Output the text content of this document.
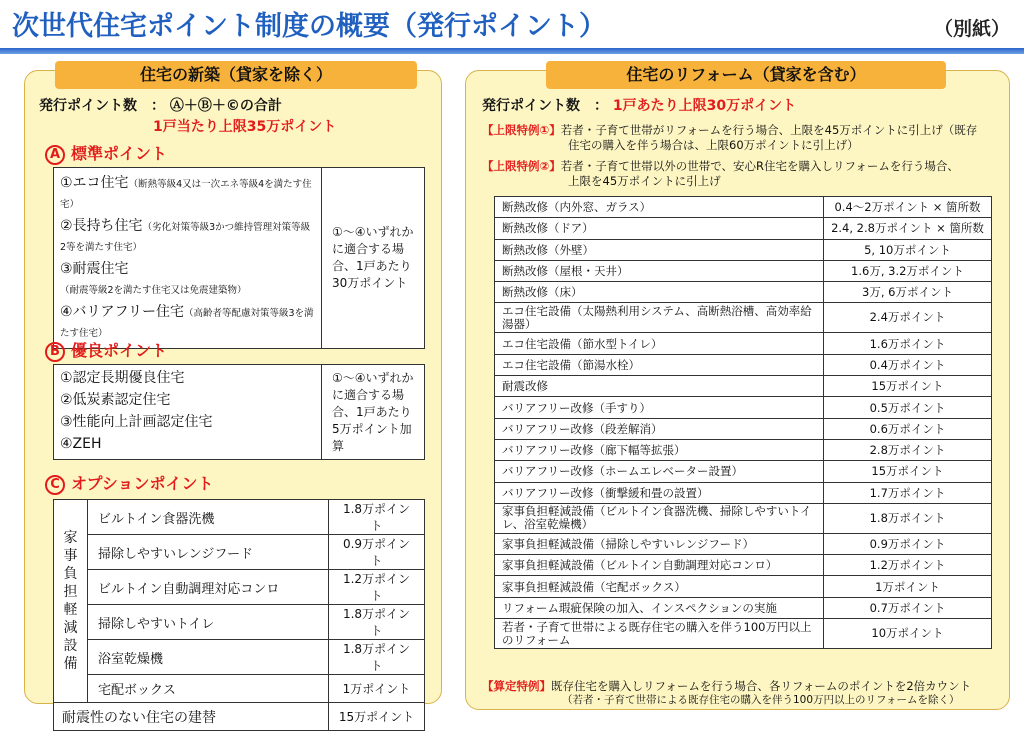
次世代住宅ポイント制度の概要（発行ポイント）	（別紙）
住宅の新築（貸家を除く）
発行ポイント数　： Ⓐ＋Ⓑ＋©の合計
1戸当たり上限35万ポイント
A 標準ポイント
①エコ住宅（断熱等級4又は一次エネ等級4を満たす住宅）
②長持ち住宅（劣化対策等級3かつ維持管理対策等級2等を満たす住宅）
③耐震住宅（耐震等級2を満たす住宅又は免震建築物）
④バリアフリー住宅（高齢者等配慮対策等級3を満たす住宅）
	①～④いずれかに適合する場合、1戸あたり30万ポイント
B 優良ポイント
①認定長期優良住宅
②低炭素認定住宅
③性能向上計画認定住宅
④ZEH
	①～④いずれかに適合する場合、1戸あたり5万ポイント加算
C オプションポイント
家事負担軽減設備	ビルトイン食器洗機	1.8万ポイント
	掃除しやすいレンジフード	0.9万ポイント
	ビルトイン自動調理対応コンロ	1.2万ポイント
	掃除しやすいトイレ	1.8万ポイント
	浴室乾燥機	1.8万ポイント
	宅配ボックス	1万ポイント
耐震性のない住宅の建替		15万ポイント
住宅のリフォーム（貸家を含む）
発行ポイント数　： 1戸あたり上限30万ポイント
【上限特例①】若者・子育て世帯がリフォームを行う場合、上限を45万ポイントに引上げ（既存
住宅の購入を伴う場合は、上限60万ポイントに引上げ）
【上限特例②】若者・子育て世帯以外の世帯で、安心R住宅を購入しリフォームを行う場合、
上限を45万ポイントに引上げ
断熱改修（内外窓、ガラス）	0.4～2万ポイント × 箇所数
断熱改修（ドア）	2.4, 2.8万ポイント × 箇所数
断熱改修（外壁）	5, 10万ポイント
断熱改修（屋根・天井）	1.6万, 3.2万ポイント
断熱改修（床）	3万, 6万ポイント
エコ住宅設備（太陽熱利用システム、高断熱浴槽、高効率給湯器）	2.4万ポイント
エコ住宅設備（節水型トイレ）	1.6万ポイント
エコ住宅設備（節湯水栓）	0.4万ポイント
耐震改修	15万ポイント
バリアフリー改修（手すり）	0.5万ポイント
バリアフリー改修（段差解消）	0.6万ポイント
バリアフリー改修（廊下幅等拡張）	2.8万ポイント
バリアフリー改修（ホームエレベーター設置）	15万ポイント
バリアフリー改修（衝撃緩和畳の設置）	1.7万ポイント
家事負担軽減設備（ビルトイン食器洗機、掃除しやすいトイレ、浴室乾燥機）	1.8万ポイント
家事負担軽減設備（掃除しやすいレンジフード）	0.9万ポイント
家事負担軽減設備（ビルトイン自動調理対応コンロ）	1.2万ポイント
家事負担軽減設備（宅配ボックス）	1万ポイント
リフォーム瑕疵保険の加入、インスペクションの実施	0.7万ポイント
若者・子育て世帯による既存住宅の購入を伴う100万円以上のリフォーム	10万ポイント
【算定特例】既存住宅を購入しリフォームを行う場合、各リフォームのポイントを2倍カウント
（若者・子育て世帯による既存住宅の購入を伴う100万円以上のリフォームを除く）
